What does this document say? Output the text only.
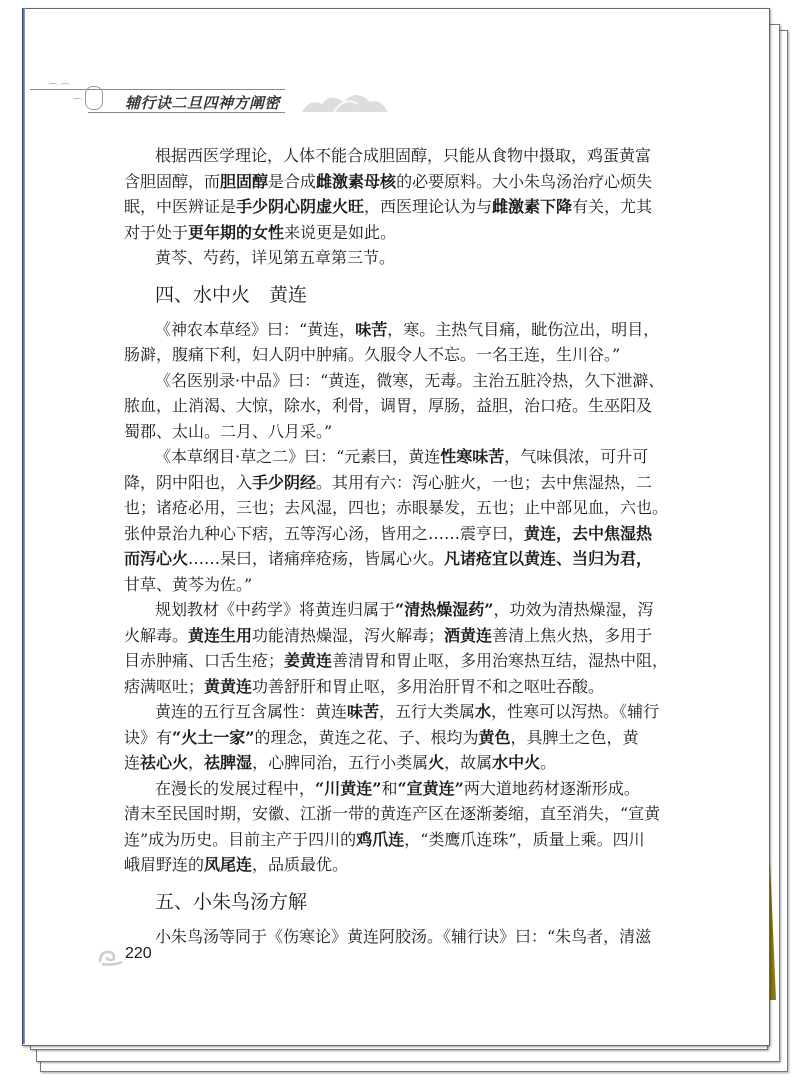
　　⌒	辅行诀二旦四神方阐密
根据西医学理论，人体不能合成胆固醇，只能从食物中摄取，鸡蛋黄富
含胆固醇，而 胆固醇 是合成 雌激素母核 的必要原料。大小朱鸟汤治疗心烦失
眠，中医辨证是 手少阴心阴虚火旺 ，西医理论认为与 雌激素下降 有关，尤其
对于处于 更年期的女性 来说更是如此。
黄芩、芍药，详见第五章第三节。
四、水中火　黄连
《神农本草经》曰：“黄连， 味苦 ，寒。主热气目痛，眦伤泣出，明目，
肠澼，腹痛下利，妇人阴中肿痛。久服令人不忘。一名王连，生川谷。”
《名医别录·中品》曰：“黄连，微寒，无毒。主治五脏冷热，久下泄澼、
脓血，止消渴、大惊，除水，利骨，调胃，厚肠，益胆，治口疮。生巫阳及
蜀郡、太山。二月、八月采。”
《本草纲目·草之二》曰：“元素曰，黄连 性寒味苦 ，气味俱浓，可升可
降，阴中阳也，入 手少阴经 。其用有六：泻心脏火，一也；去中焦湿热，二
也；诸疮必用，三也；去风湿，四也；赤眼暴发，五也；止中部见血，六也。
张仲景治九种心下痞，五等泻心汤，皆用之……震亨曰， 黄连，去中焦湿热
而泻心火 ……杲曰，诸痛痒疮疡，皆属心火。 凡诸疮宜以黄连、当归为君，
甘草、黄芩为佐。”
规划教材《中药学》将黄连归属于 “清热燥湿药” ，功效为清热燥湿，泻
火解毒。 黄连生用 功能清热燥湿，泻火解毒； 酒黄连 善清上焦火热，多用于
目赤肿痛、口舌生疮； 姜黄连 善清胃和胃止呕，多用治寒热互结，湿热中阻，
痞满呕吐； 黄黄连 功善舒肝和胃止呕，多用治肝胃不和之呕吐吞酸。
黄连的五行互含属性：黄连 味苦 ，五行大类属 水 ，性寒可以泻热。《辅行
诀》有 “火土一家” 的理念，黄连之花、子、根均为 黄色 ，具脾土之色，黄
连 祛心火 ， 祛脾湿 ，心脾同治，五行小类属 火 ，故属 水中火 。
在漫长的发展过程中， “川黄连” 和 “宣黄连” 两大道地药材逐渐形成。
清末至民国时期，安徽、江浙一带的黄连产区在逐渐萎缩，直至消失，“宣黄
连”成为历史。目前主产于四川的 鸡爪连 ，“类鹰爪连珠”，质量上乘。四川
峨眉野连的 凤尾连 ，品质最优。
五、小朱鸟汤方解
小朱鸟汤等同于《伤寒论》黄连阿胶汤。《辅行诀》曰：“朱鸟者，清滋
220
